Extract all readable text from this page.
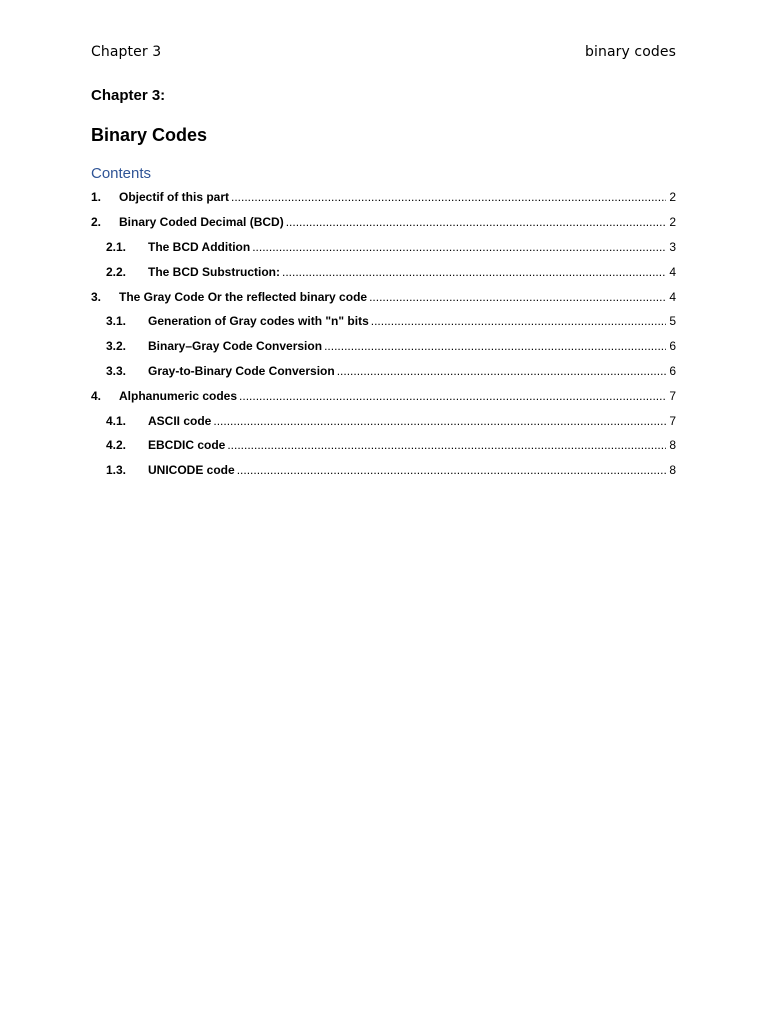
Chapter 3	binary codes
Chapter 3:
Binary Codes
Contents
1.	Objectif of this part .....	2
2.	Binary Coded Decimal (BCD) .....	2
2.1.	The BCD Addition .....	3
2.2.	The BCD Substruction: .....	4
3.	The Gray Code Or the reflected binary code .....	4
3.1.	Generation of Gray codes with "n" bits .....	5
3.2.	Binary–Gray Code Conversion .....	6
3.3.	Gray-to-Binary Code Conversion .....	6
4.	Alphanumeric codes .....	7
4.1.	ASCII code .....	7
4.2.	EBCDIC code .....	8
1.3.	UNICODE code .....	8
